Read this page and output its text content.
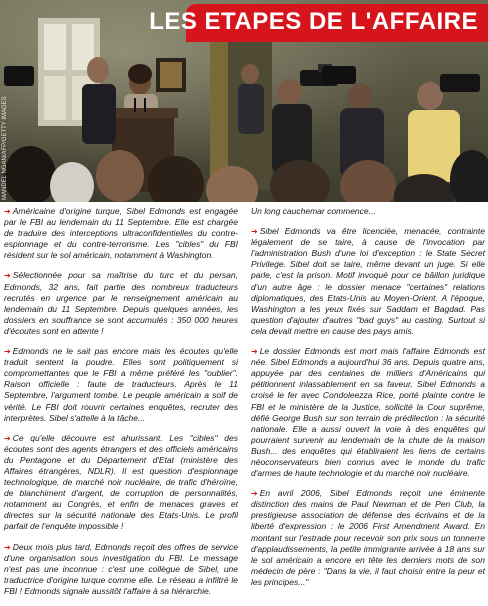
LES ETAPES DE L'AFFAIRE
MANDEL NGAN/AFP/GETTY IMAGES

➔ Américaine d'origine turque, Sibel Edmonds est engagée par le FBI au lendemain du 11 Septembre. Elle est chargée de traduire des interceptions ultraconfidentielles du contre-espionnage et du contre-terrorisme. Les "cibles" du FBI résident sur le sol américain, notamment à Washington.

➔ Sélectionnée pour sa maîtrise du turc et du persan, Edmonds, 32 ans, fait partie des nombreux traducteurs recrutés en urgence par le renseignement américain au lendemain du 11 Septembre. Depuis quelques années, les dossiers en souffrance se sont accumulés : 350 000 heures d'écoutes sont en attente !

➔ Edmonds ne le sait pas encore mais les écoutes qu'elle traduit sentent la poudre. Elles sont politiquement si compromettantes que le FBI a même préféré les "oublier". Raison officielle : faute de traducteurs. Après le 11 Septembre, l'argument tombe. Le peuple américain a soif de vérité. Le FBI doit rouvrir certaines enquêtes, recruter des interprètes. Sibel s'attelle à la tâche...

➔ Ce qu'elle découvre est ahurissant. Les "cibles" des écoutes sont des agents étrangers et des officiels américains du Pentagone et du Département d'Etat (ministère des Affaires étrangères, NDLR). Il est question d'espionnage technologique, de marché noir nucléaire, de trafic d'héroïne, de blanchiment d'argent, de corruption de personnalités, notamment au Congrès, et enfin de menaces graves et directes sur la sécurité nationale des Etats-Unis. Le profil parfait de l'enquête impossible !

➔ Deux mois plus tard, Edmonds reçoit des offres de service d'une organisation sous investigation du FBI. Le message n'est pas une inconnue : c'est une collègue de Sibel, une traductrice d'origine turque comme elle. Le réseau a infiltré le FBI ! Edmonds signale aussitôt l'affaire à sa hiérarchie.

Un long cauchemar commence...

➔ Sibel Edmonds va être licenciée, menacée, contrainte légalement de se taire, à cause de l'invocation par l'administration Bush d'une loi d'exception : le State Secret Privilege. Sibel doit se taire, même devant un juge. Si elle parle, c'est la prison. Motif invoqué pour ce bâillon juridique d'un autre âge : le dossier menace "certaines" relations diplomatiques, des Etats-Unis au Moyen-Orient. A l'époque, Washington a les yeux fixés sur Saddam et Bagdad. Pas question d'ajouter d'autres "bad guys" au casting. Surtout si cela devait mettre en cause des pays amis.

➔ Le dossier Edmonds est mort mais l'affaire Edmonds est née. Sibel Edmonds a aujourd'hui 36 ans. Depuis quatre ans, appuyée par des centaines de milliers d'Américains qui pétitionnent inlassablement en sa faveur, Sibel Edmonds a croisé le fer avec Condoleezza Rice, porté plainte contre le FBI et le ministère de la Justice, sollicité la Cour suprême, défié George Bush sur son terrain de prédilection : la sécurité nationale. Elle a aussi ouvert la voie à des enquêtes qui pourraient survenir au lendemain de la chute de la maison Bush... des enquêtes qui établiraient les liens de certains néoconservateurs bien connus avec le monde du trafic d'armes de haute technologie et du marché noir nucléaire.

➔ En avril 2006, Sibel Edmonds reçoit une éminente distinction des mains de Paul Newman et de Pen Club, la prestigieuse association de défense des écrivains et de la liberté d'expression : le 2006 First Amendment Award. En montant sur l'estrade pour recevoir son prix sous un tonnerre d'applaudissements, la petite immigrante arrivée à 18 ans sur le sol américain a encore en tête les derniers mots de son médecin de père : "Dans la vie, il faut choisir entre la peur et les principes..."
